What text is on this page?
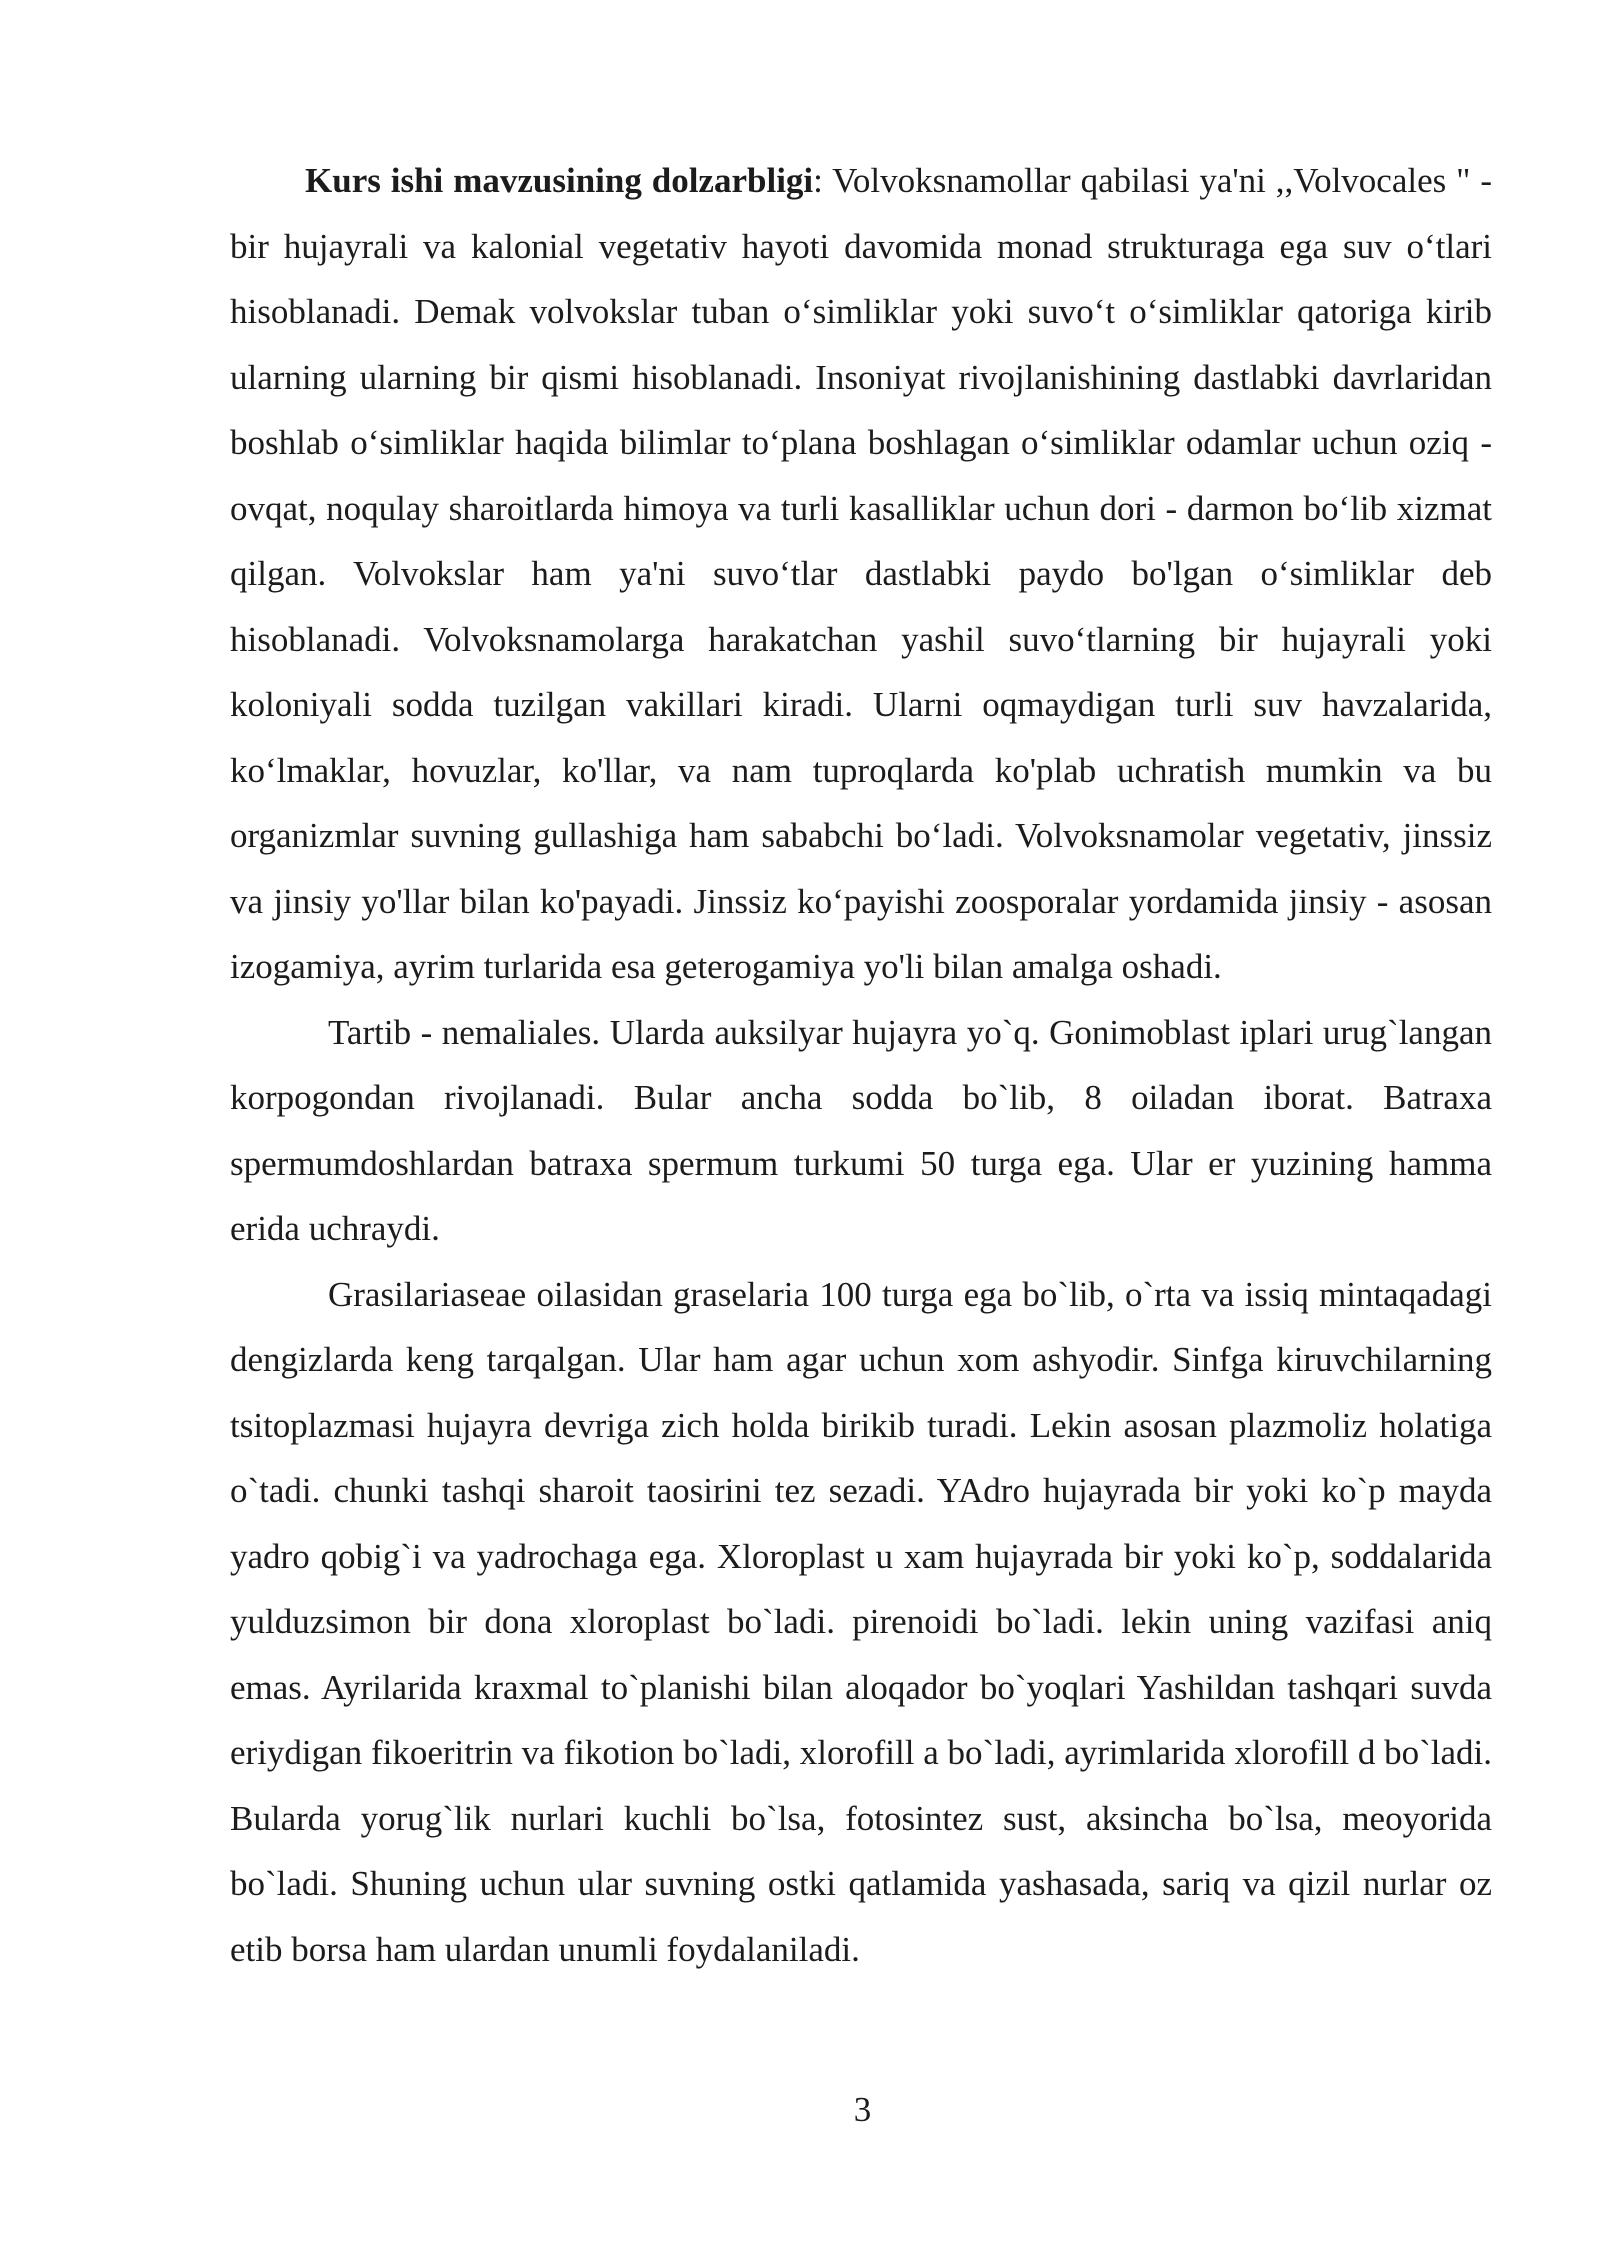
Kurs ishi mavzusining dolzarbligi: Volvoksnamollar qabilasi ya'ni ,,Volvocales " - bir hujayrali va kalonial vegetativ hayoti davomida monad strukturaga ega suv oʻtlari hisoblanadi. Demak volvokslar tuban oʻsimliklar yoki suvoʻt oʻsimliklar qatoriga kirib ularning ularning bir qismi hisoblanadi. Insoniyat rivojlanishining dastlabki davrlaridan boshlab oʻsimliklar haqida bilimlar toʻplana boshlagan oʻsimliklar odamlar uchun oziq - ovqat, noqulay sharoitlarda himoya va turli kasalliklar uchun dori - darmon boʻlib xizmat qilgan. Volvokslar ham ya'ni suvoʻtlar dastlabki paydo bo'lgan oʻsimliklar deb hisoblanadi. Volvoksnamolarga harakatchan yashil suvoʻtlarning bir hujayrali yoki koloniyali sodda tuzilgan vakillari kiradi. Ularni oqmaydigan turli suv havzalarida, koʻlmaklar, hovuzlar, ko'llar, va nam tuproqlarda ko'plab uchratish mumkin va bu organizmlar suvning gullashiga ham sababchi boʻladi. Volvoksnamolar vegetativ, jinssiz va jinsiy yo'llar bilan ko'payadi. Jinssiz koʻpayishi zoosporalar yordamida jinsiy - asosan izogamiya, ayrim turlarida esa geterogamiya yo'li bilan amalga oshadi.

Tartib - nemaliales. Ularda auksilyar hujayra yo`q. Gonimoblast iplari urug`langan korpogondan rivojlanadi. Bular ancha sodda bo`lib, 8 oiladan iborat. Batraxa spermumdoshlardan batraxa spermum turkumi 50 turga ega. Ular er yuzining hamma erida uchraydi.

Grasilariaseae oilasidan graselaria 100 turga ega bo`lib, o`rta va issiq mintaqadagi dengizlarda keng tarqalgan. Ular ham agar uchun xom ashyodir. Sinfga kiruvchilarning tsitoplazmasi hujayra devriga zich holda birikib turadi. Lekin asosan plazmoliz holatiga o`tadi. chunki tashqi sharoit taosirini tez sezadi. YAdro hujayrada bir yoki ko`p mayda yadro qobig`i va yadrochaga ega. Xloroplast u xam hujayrada bir yoki ko`p, soddalarida yulduzsimon bir dona xloroplast bo`ladi. pirenoidi bo`ladi. lekin uning vazifasi aniq emas. Ayrilarida kraxmal to`planishi bilan aloqador bo`yoqlari Yashildan tashqari suvda eriydigan fikoeritrin va fikotion bo`ladi, xlorofill a bo`ladi, ayrimlarida xlorofill d bo`ladi. Bularda yorug`lik nurlari kuchli bo`lsa, fotosintez sust, aksincha bo`lsa, meoyorida bo`ladi. Shuning uchun ular suvning ostki qatlamida yashasada, sariq va qizil nurlar oz etib borsa ham ulardan unumli foydalaniladi.

3
